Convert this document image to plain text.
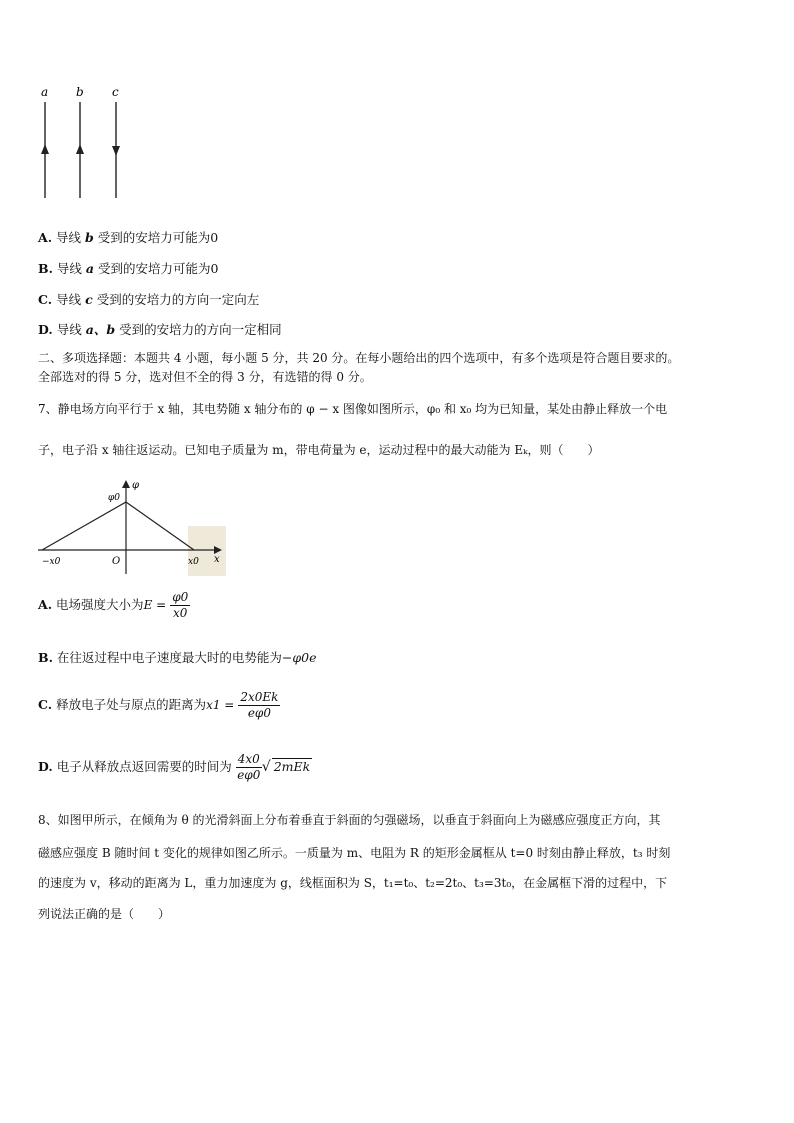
a b c
A. 导线 b 受到的安培力可能为0
B. 导线 a 受到的安培力可能为0
C. 导线 c 受到的安培力的方向一定向左
D. 导线 a、b 受到的安培力的方向一定相同
二、多项选择题：本题共 4 小题，每小题 5 分，共 20 分。在每小题给出的四个选项中，有多个选项是符合题目要求的。
全部选对的得 5 分，选对但不全的得 3 分，有选错的得 0 分。
7、静电场方向平行于 x 轴，其电势随 x 轴分布的 φ − x 图像如图所示，φ₀ 和 x₀ 均为已知量，某处由静止释放一个电
子，电子沿 x 轴往返运动。已知电子质量为 m，带电荷量为 e，运动过程中的最大动能为 Eₖ，则（　　）
φ
φ0
O
−x0	x0 x
A. 电场强度大小为$E = \frac{\varphi 0}{x0}$
B. 在往返过程中电子速度最大时的电势能为−φ0e
C. 释放电子处与原点的距离为$x1 = \frac{2x0Ek}{e\varphi 0}$
D. 电子从释放点返回需要的时间为 $\frac{4x0}{e\varphi 0}$ √ 2mEk
8、如图甲所示，在倾角为 θ 的光滑斜面上分布着垂直于斜面的匀强磁场，以垂直于斜面向上为磁感应强度正方向，其
磁感应强度 B 随时间 t 变化的规律如图乙所示。一质量为 m、电阻为 R 的矩形金属框从 t=0 时刻由静止释放，t₃ 时刻
的速度为 v，移动的距离为 L，重力加速度为 g，线框面积为 S，t₁=t₀、t₂=2t₀、t₃=3t₀，在金属框下滑的过程中，下
列说法正确的是（　　）
